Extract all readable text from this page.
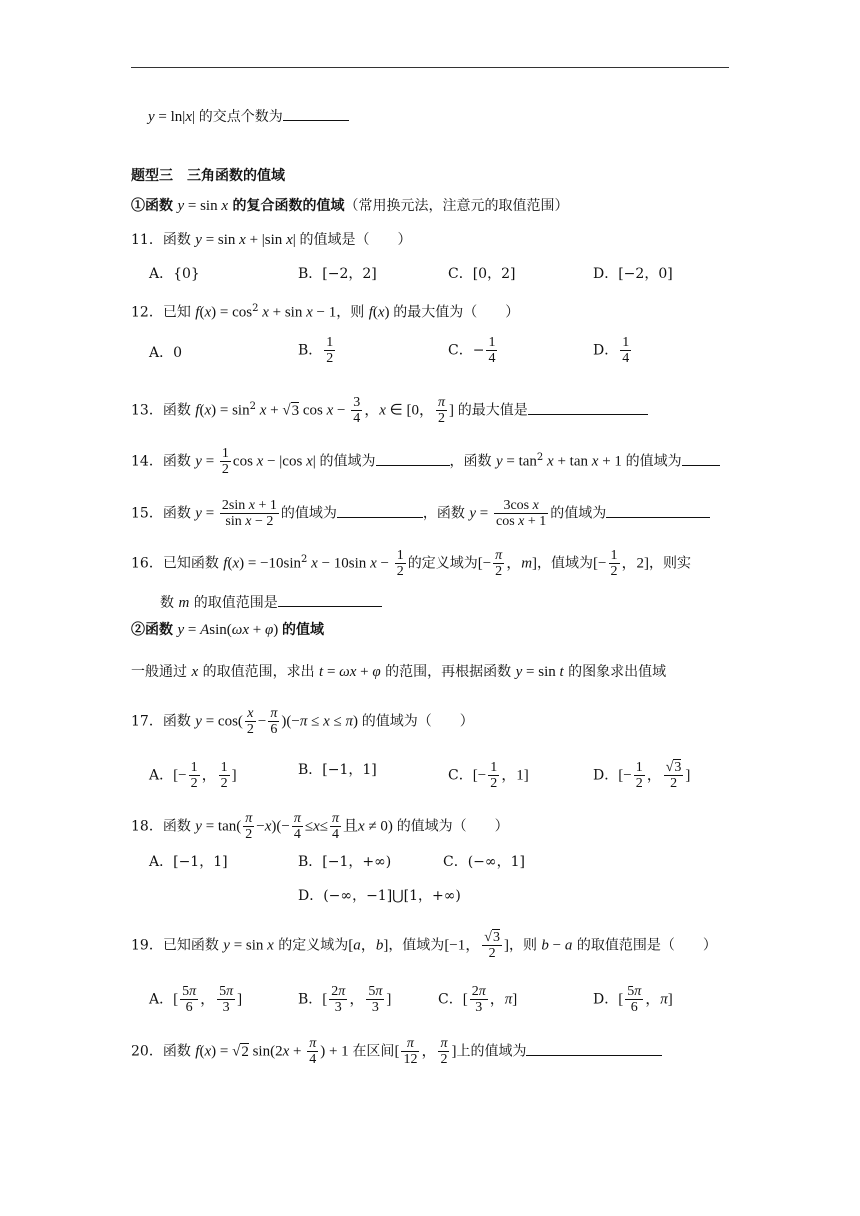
y = ln|x| 的交点个数为
题型三　三角函数的值域
①函数 y = sin x 的复合函数的值域（常用换元法，注意元的取值范围）
11．函数 y = sin x + |sin x| 的值域是（　　）
A．{0}	B．[−2，2]	C．[0，2]	D．[−2，0]
12．已知 $f(x) = \cos^2 x + \sin x - 1$，则 f(x) 的最大值为（　　）
A．0	B． $\frac{1}{2}$	C．− $\frac{1}{4}$	D． $\frac{1}{4}$
13．函数 $f(x) = \sin^2 x + √3$ $\cos x - \frac{3}{4}$ ，x ∈ [0， $\frac{\pi}{2}$ ] 的最大值是
14．函数 $y = \frac{1}{2}$ cos x − |cos x| 的值域为	，函数 $y = \tan^2 x + \tan x + 1$ 的值域为
15．函数 $y = \frac{\text{2sin x + 1}}{\text{sin x − 2}}$ 的值域为	，函数 $y = \frac{\text{3cos x}}{\text{cos x + 1}}$ 的值域为
16．已知函数 $f(x) = -10\sin^2$ x − 10sin $x - \frac{1}{2}$ 的定义域为[− $\frac{\pi}{2}$ ，m]，值域为[− $\frac{1}{2}$ ，2]，则实
数 m 的取值范围是
②函数 y = Asin(ωx + φ) 的值域
一般通过 x 的取值范围，求出 t = ωx + φ 的范围，再根据函数 y = sin t 的图象求出值域
17．函数 $y = \cos( \frac{x}{2} - \frac{\pi}{6} )(-\pi \le x \le \pi)$ 的值域为（　　）
A．[− $\frac{1}{2}$ ， $\frac{1}{2}$ ]	B．[−1，1]	C．[− $\frac{1}{2}$ ，1]	D．[− $\frac{1}{2}$ ， $\frac{√3}{2}$ ]
18．函数 $y = \tan( \frac{\pi}{2} -x)(- \frac{\pi}{4} \le x\le \frac{\pi}{4}$ 且x ≠ 0) 的值域为（　　）
A．[−1，1]	B．[−1，+∞)	C．(−∞，1]
D．(−∞，−1]⋃[1，+∞)
19．已知函数 y = sin x 的定义域为[a，b]，值域为[−1， $\frac{√3}{2}$ ]，则 b − a 的取值范围是（　　）
A．[ $\frac{5\pi}{6}$ ， $\frac{5\pi}{3}$ ]	B．[ $\frac{2\pi}{3}$ ， $\frac{5\pi}{3}$ ]	C．[ $\frac{2\pi}{3}$ ，π]	D．[ $\frac{5\pi}{6}$ ，π]
20．函数 f(x) = √2 $\sin(2x + \frac{\pi}{4}$ ) + 1 在区间[ $\frac{\pi}{12}$ ， $\frac{\pi}{2}$ ]上的值域为
